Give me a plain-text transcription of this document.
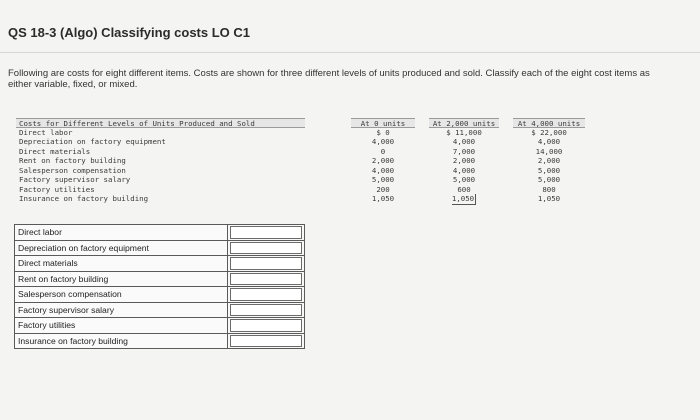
QS 18-3 (Algo) Classifying costs LO C1
Following are costs for eight different items. Costs are shown for three different levels of units produced and sold. Classify each of the eight cost items as either variable, fixed, or mixed.
Costs for Different Levels of Units Produced and Sold	At 0 units	At 2,000 units	At 4,000 units
Direct labor	$ 0	$ 11,000	$ 22,000
Depreciation on factory equipment	4,000	4,000	4,000
Direct materials	0	7,000	14,000
Rent on factory building	2,000	2,000	2,000
Salesperson compensation	4,000	4,000	5,000
Factory supervisor salary	5,000	5,000	5,000
Factory utilities	200	600	800
Insurance on factory building	1,050	1,050	1,050
Direct labor	

Depreciation on factory equipment	

Direct materials	

Rent on factory building	

Salesperson compensation	

Factory supervisor salary	

Factory utilities	

Insurance on factory building	
